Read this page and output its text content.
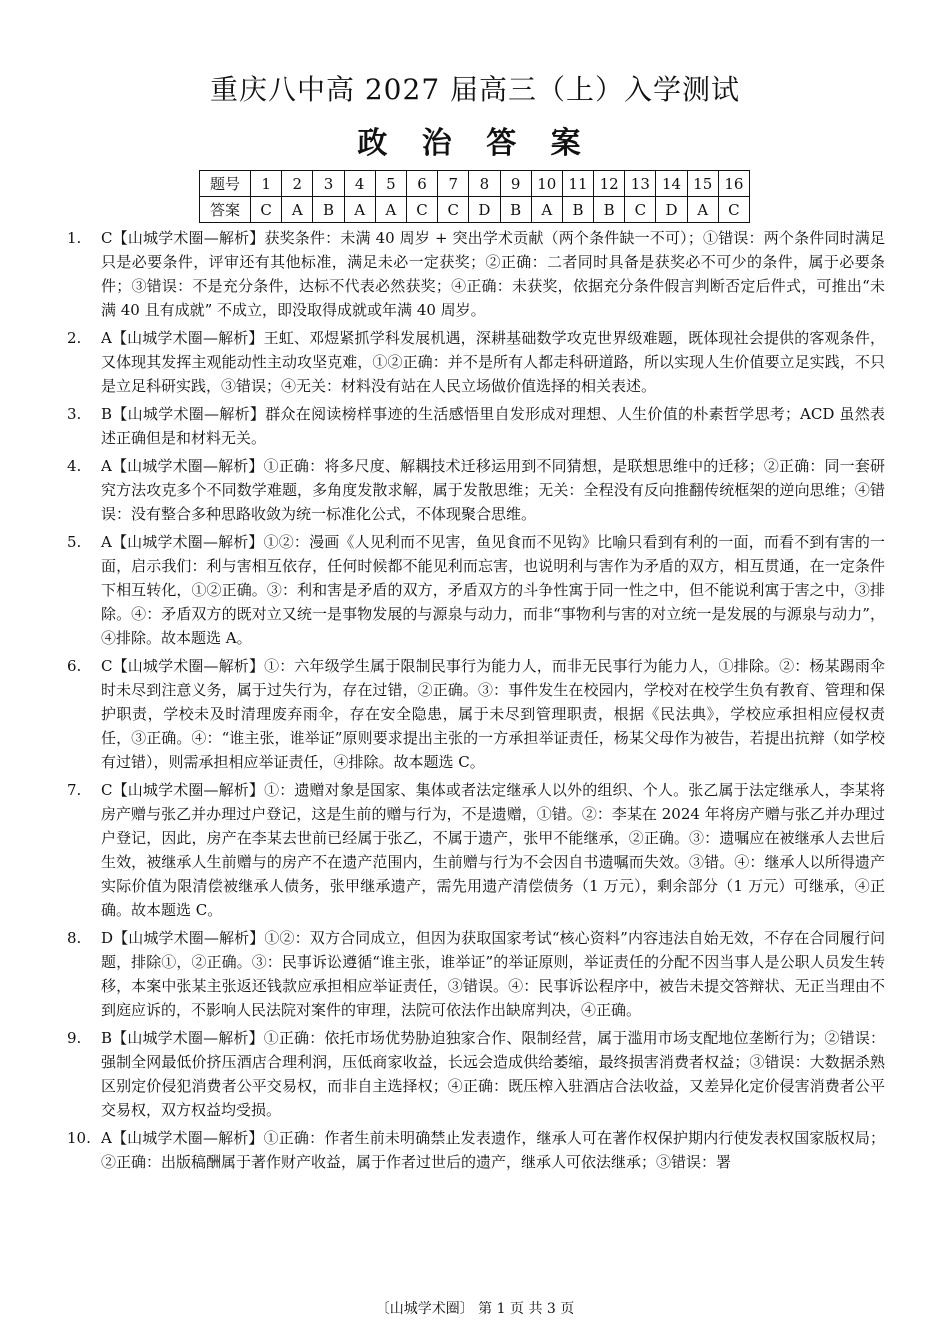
重庆八中高 2027 届高三（上）入学测试
政 治 答 案
题号	1	2	3	4	5	6	7	8	9	10	11	12	13	14	15	16
答案	C	A	B	A	A	C	C	D	B	A	B	B	C	D	A	C
1.	C【山城学术圈—解析】获奖条件：未满 40 周岁 + 突出学术贡献（两个条件缺一不可）；①错误：两个条件同时满足只是必要条件，评审还有其他标准，满足未必一定获奖；②正确：二者同时具备是获奖必不可少的条件，属于必要条件；③错误：不是充分条件，达标不代表必然获奖；④正确：未获奖，依据充分条件假言判断否定后件式，可推出“未满 40 且有成就” 不成立，即没取得成就或年满 40 周岁。
2.	A【山城学术圈—解析】王虹、邓煜紧抓学科发展机遇，深耕基础数学攻克世界级难题，既体现社会提供的客观条件，又体现其发挥主观能动性主动攻坚克难，①②正确：并不是所有人都走科研道路，所以实现人生价值要立足实践，不只是立足科研实践，③错误；④无关：材料没有站在人民立场做价值选择的相关表述。
3.	B【山城学术圈—解析】群众在阅读榜样事迹的生活感悟里自发形成对理想、人生价值的朴素哲学思考；ACD 虽然表述正确但是和材料无关。
4.	A【山城学术圈—解析】①正确：将多尺度、解耦技术迁移运用到不同猜想，是联想思维中的迁移；②正确：同一套研究方法攻克多个不同数学难题，多角度发散求解，属于发散思维；无关：全程没有反向推翻传统框架的逆向思维；④错误：没有整合多种思路收敛为统一标准化公式，不体现聚合思维。
5.	A【山城学术圈—解析】①②：漫画《人见利而不见害，鱼见食而不见钩》比喻只看到有利的一面，而看不到有害的一面，启示我们：利与害相互依存，任何时候都不能见利而忘害，也说明利与害作为矛盾的双方，相互贯通，在一定条件下相互转化，①②正确。③：利和害是矛盾的双方，矛盾双方的斗争性寓于同一性之中，但不能说利寓于害之中，③排除。④：矛盾双方的既对立又统一是事物发展的与源泉与动力，而非“事物利与害的对立统一是发展的与源泉与动力”，④排除。故本题选 A。
6.	C【山城学术圈—解析】①：六年级学生属于限制民事行为能力人，而非无民事行为能力人，①排除。②：杨某踢雨伞时未尽到注意义务，属于过失行为，存在过错，②正确。③：事件发生在校园内，学校对在校学生负有教育、管理和保护职责，学校未及时清理废弃雨伞，存在安全隐患，属于未尽到管理职责，根据《民法典》，学校应承担相应侵权责任，③正确。④：“谁主张，谁举证”原则要求提出主张的一方承担举证责任，杨某父母作为被告，若提出抗辩（如学校有过错），则需承担相应举证责任，④排除。故本题选 C。
7.	C【山城学术圈—解析】①：遗赠对象是国家、集体或者法定继承人以外的组织、个人。张乙属于法定继承人，李某将房产赠与张乙并办理过户登记，这是生前的赠与行为，不是遗赠，①错。②：李某在 2024 年将房产赠与张乙并办理过户登记，因此，房产在李某去世前已经属于张乙，不属于遗产，张甲不能继承，②正确。③：遗嘱应在被继承人去世后生效，被继承人生前赠与的房产不在遗产范围内，生前赠与行为不会因自书遗嘱而失效。③错。④：继承人以所得遗产实际价值为限清偿被继承人债务，张甲继承遗产，需先用遗产清偿债务（1 万元），剩余部分（1 万元）可继承，④正确。故本题选 C。
8.	D【山城学术圈—解析】①②：双方合同成立，但因为获取国家考试“核心资料”内容违法自始无效，不存在合同履行问题，排除①，②正确。③：民事诉讼遵循“谁主张，谁举证”的举证原则，举证责任的分配不因当事人是公职人员发生转移，本案中张某主张返还钱款应承担相应举证责任，③错误。④：民事诉讼程序中，被告未提交答辩状、无正当理由不到庭应诉的，不影响人民法院对案件的审理，法院可依法作出缺席判决，④正确。
9.	B【山城学术圈—解析】①正确：依托市场优势胁迫独家合作、限制经营，属于滥用市场支配地位垄断行为；②错误：强制全网最低价挤压酒店合理利润，压低商家收益，长远会造成供给萎缩，最终损害消费者权益；③错误：大数据杀熟区别定价侵犯消费者公平交易权，而非自主选择权；④正确：既压榨入驻酒店合法收益，又差异化定价侵害消费者公平交易权，双方权益均受损。
10. A【山城学术圈—解析】①正确：作者生前未明确禁止发表遗作，继承人可在著作权保护期内行使发表权国家版权局；②正确：出版稿酬属于著作财产收益，属于作者过世后的遗产，继承人可依法继承；③错误：署
〔山城学术圈〕 第 1 页 共 3 页
